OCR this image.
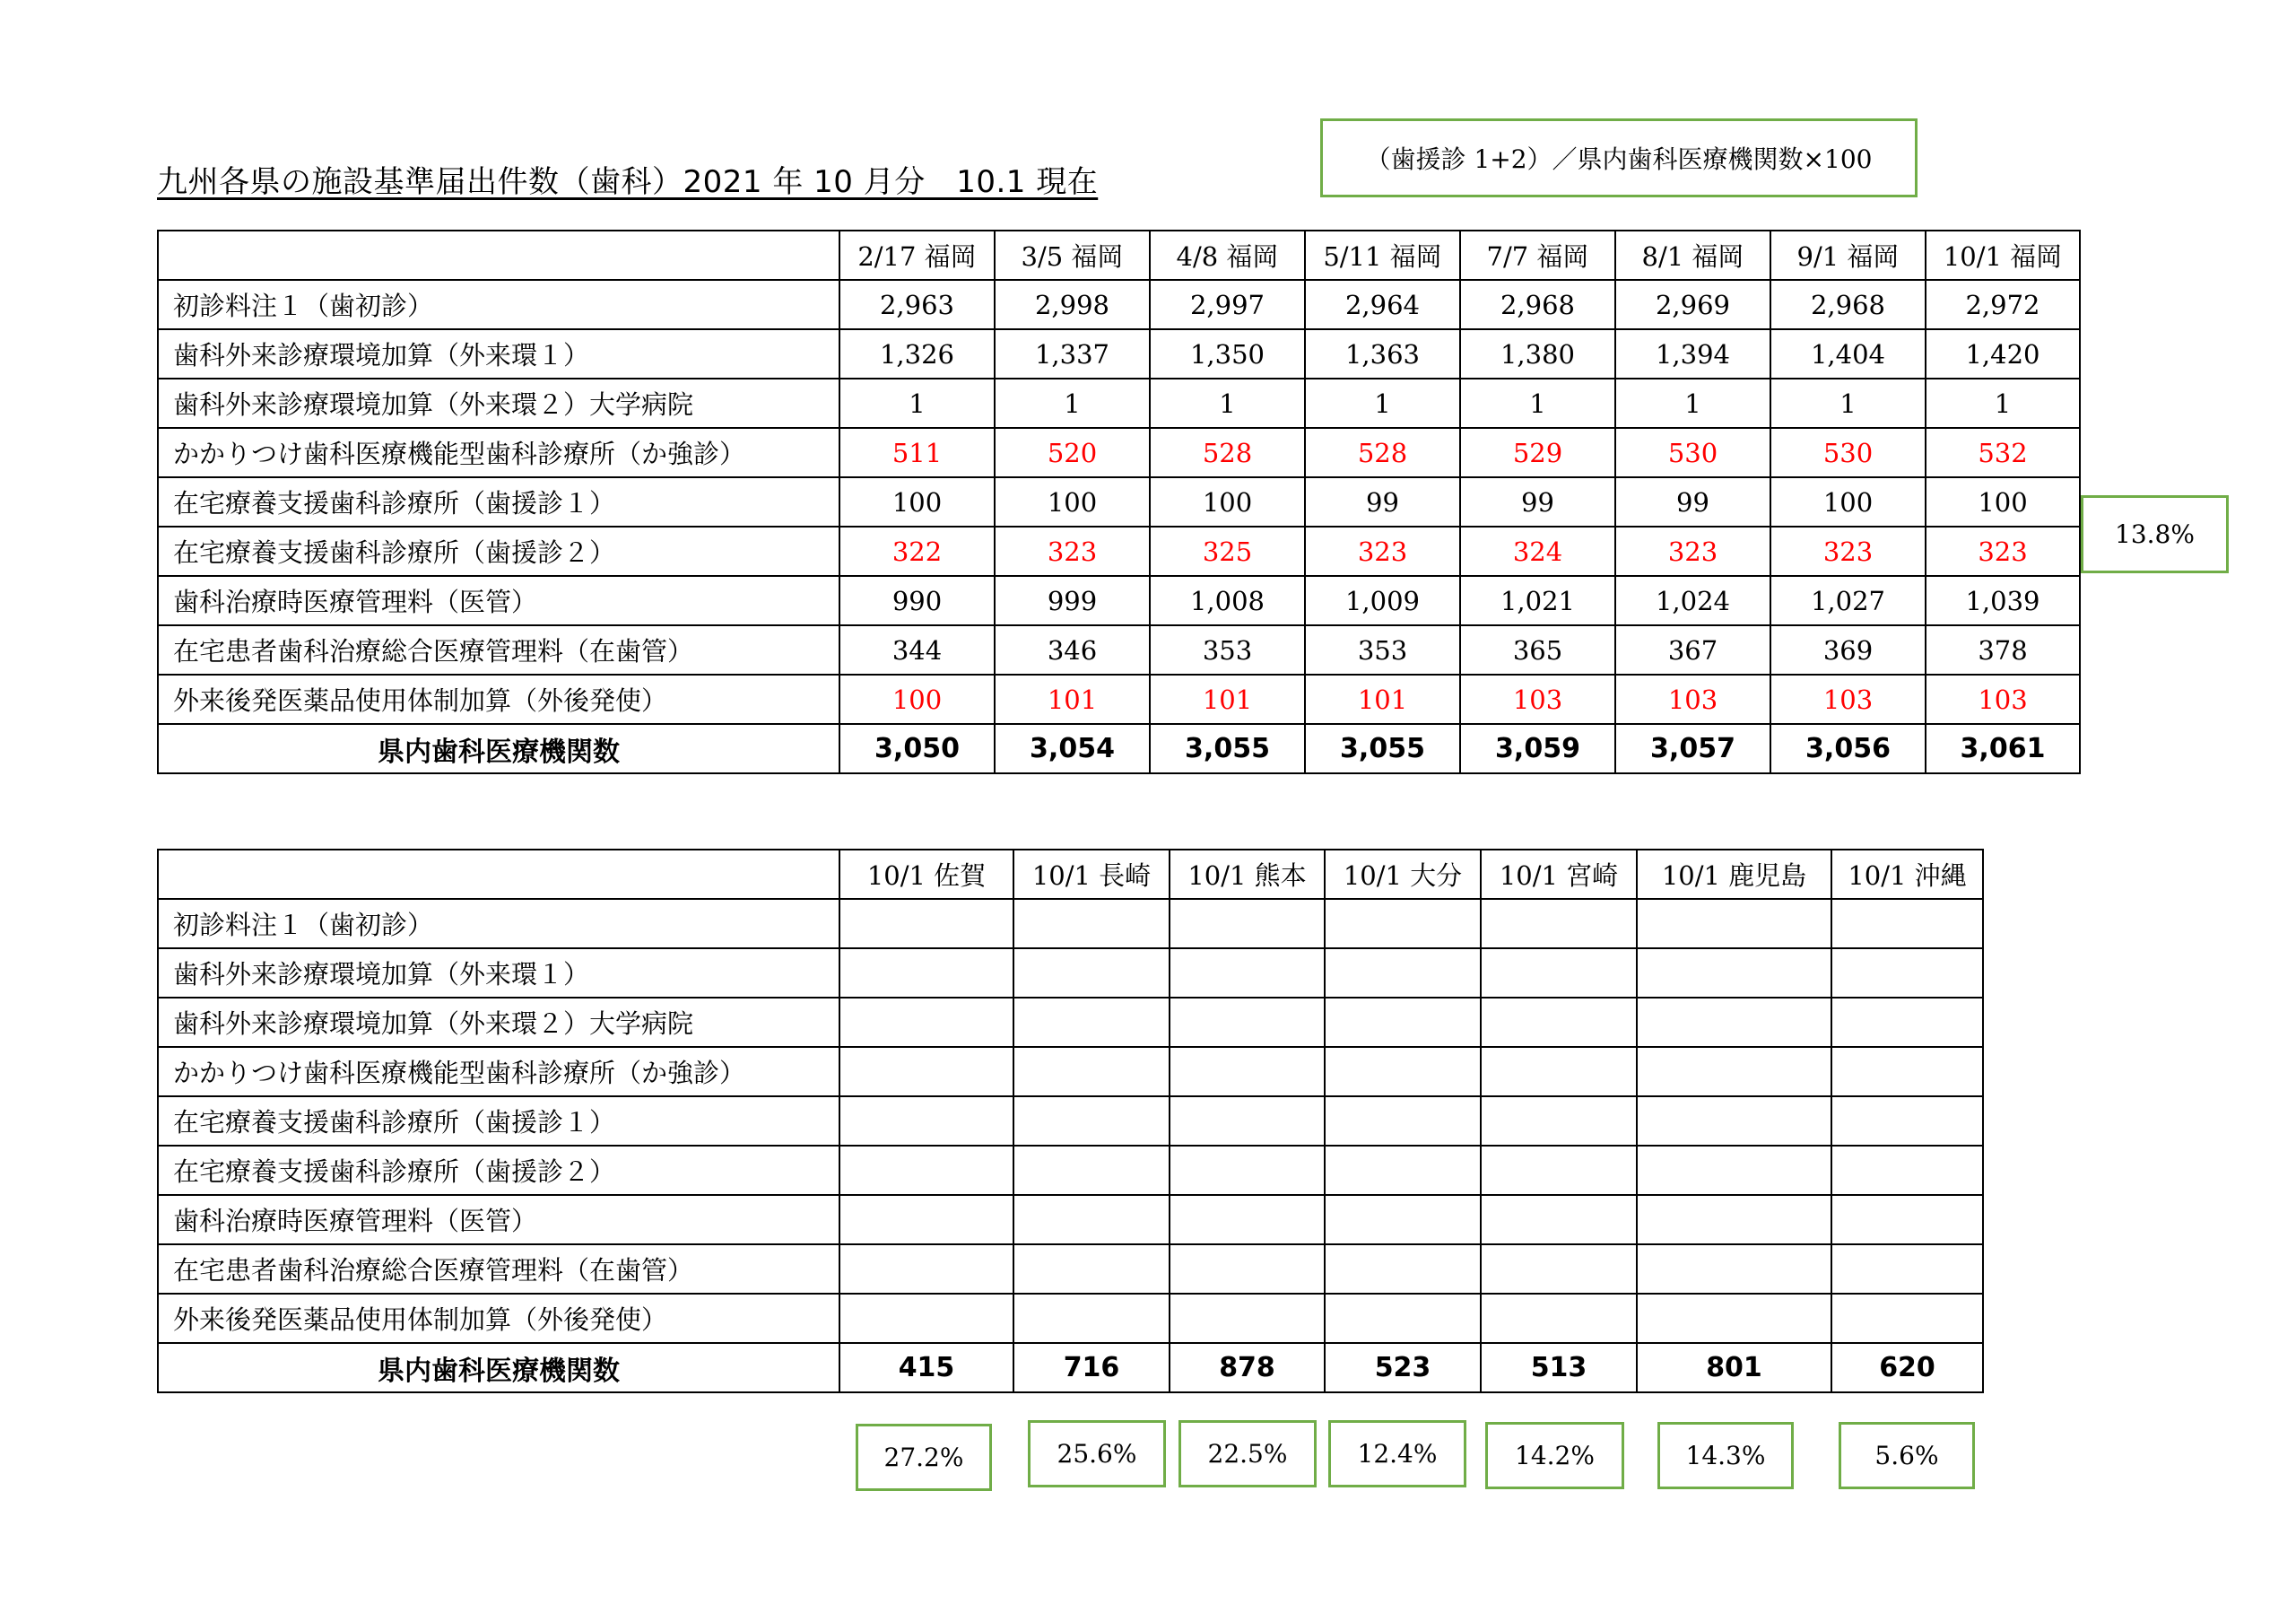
九州各県の施設基準届出件数（歯科）2021 年 10 月分　10.1 現在
（歯援診 1+2）／県内歯科医療機関数×100
	2/17 福岡	3/5 福岡	4/8 福岡	5/11 福岡	7/7 福岡	8/1 福岡	9/1 福岡	10/1 福岡
初診料注１（歯初診）	2,963	2,998	2,997	2,964	2,968	2,969	2,968	2,972
歯科外来診療環境加算（外来環１）	1,326	1,337	1,350	1,363	1,380	1,394	1,404	1,420
歯科外来診療環境加算（外来環２）大学病院	1	1	1	1	1	1	1	1
かかりつけ歯科医療機能型歯科診療所（か強診）	511	520	528	528	529	530	530	532
在宅療養支援歯科診療所（歯援診１）	100	100	100	99	99	99	100	100
在宅療養支援歯科診療所（歯援診２）	322	323	325	323	324	323	323	323
歯科治療時医療管理料（医管）	990	999	1,008	1,009	1,021	1,024	1,027	1,039
在宅患者歯科治療総合医療管理料（在歯管）	344	346	353	353	365	367	369	378
外来後発医薬品使用体制加算（外後発使）	100	101	101	101	103	103	103	103
県内歯科医療機関数	3,050	3,054	3,055	3,055	3,059	3,057	3,056	3,061
13.8%
	10/1 佐賀	10/1 長崎	10/1 熊本	10/1 大分	10/1 宮崎	10/1 鹿児島	10/1 沖縄
初診料注１（歯初診）							
歯科外来診療環境加算（外来環１）							
歯科外来診療環境加算（外来環２）大学病院							
かかりつけ歯科医療機能型歯科診療所（か強診）							
在宅療養支援歯科診療所（歯援診１）							
在宅療養支援歯科診療所（歯援診２）							
歯科治療時医療管理料（医管）							
在宅患者歯科治療総合医療管理料（在歯管）							
外来後発医薬品使用体制加算（外後発使）							
県内歯科医療機関数	415	716	878	523	513	801	620
27.2%	25.6%	22.5%	12.4%	14.2%	14.3%	5.6%
